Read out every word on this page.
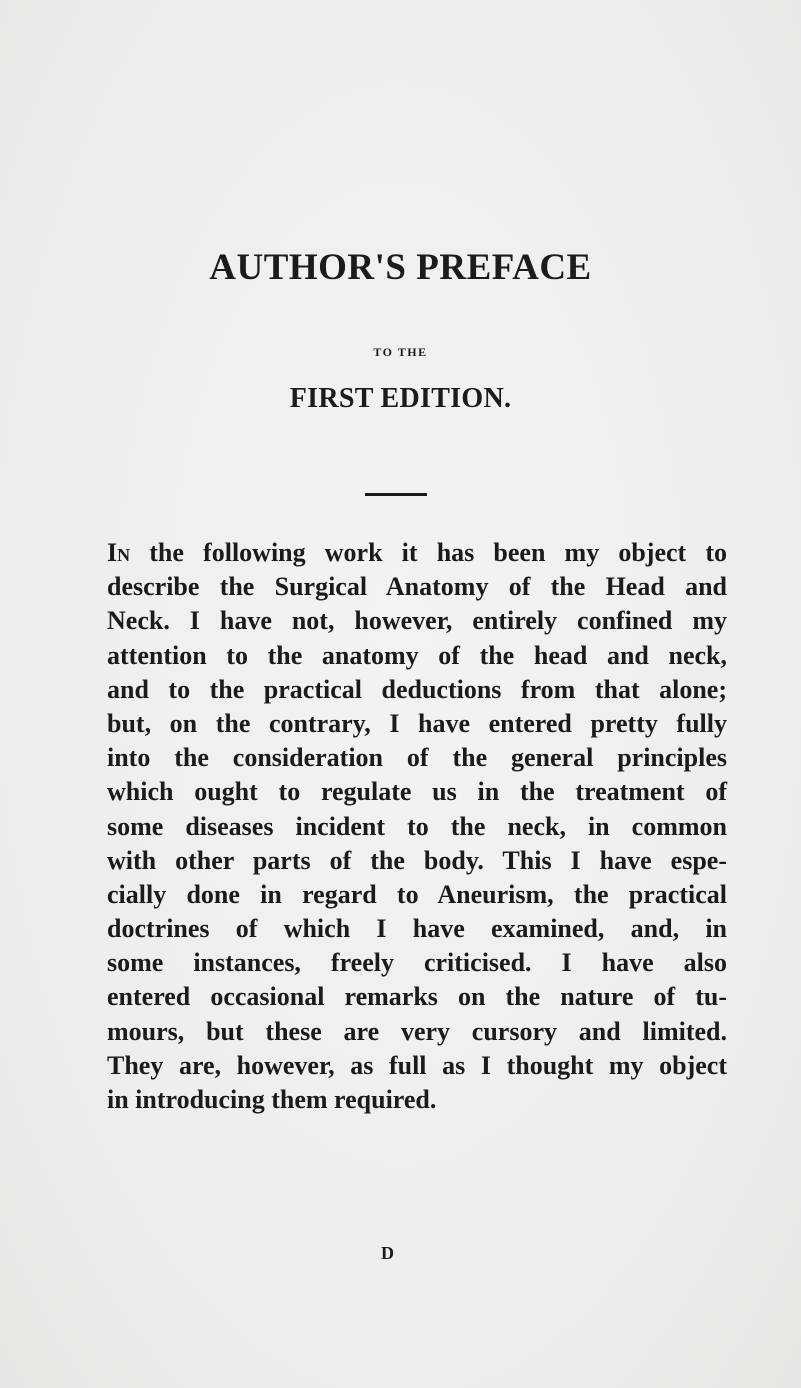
AUTHOR'S PREFACE
TO THE
FIRST EDITION.
In the following work it has been my object to
describe the Surgical Anatomy of the Head and
Neck. I have not, however, entirely confined my
attention to the anatomy of the head and neck,
and to the practical deductions from that alone;
but, on the contrary, I have entered pretty fully
into the consideration of the general principles
which ought to regulate us in the treatment of
some diseases incident to the neck, in common
with other parts of the body. This I have espe-
cially done in regard to Aneurism, the practical
doctrines of which I have examined, and, in
some instances, freely criticised. I have also
entered occasional remarks on the nature of tu-
mours, but these are very cursory and limited.
They are, however, as full as I thought my object
in introducing them required.
D
